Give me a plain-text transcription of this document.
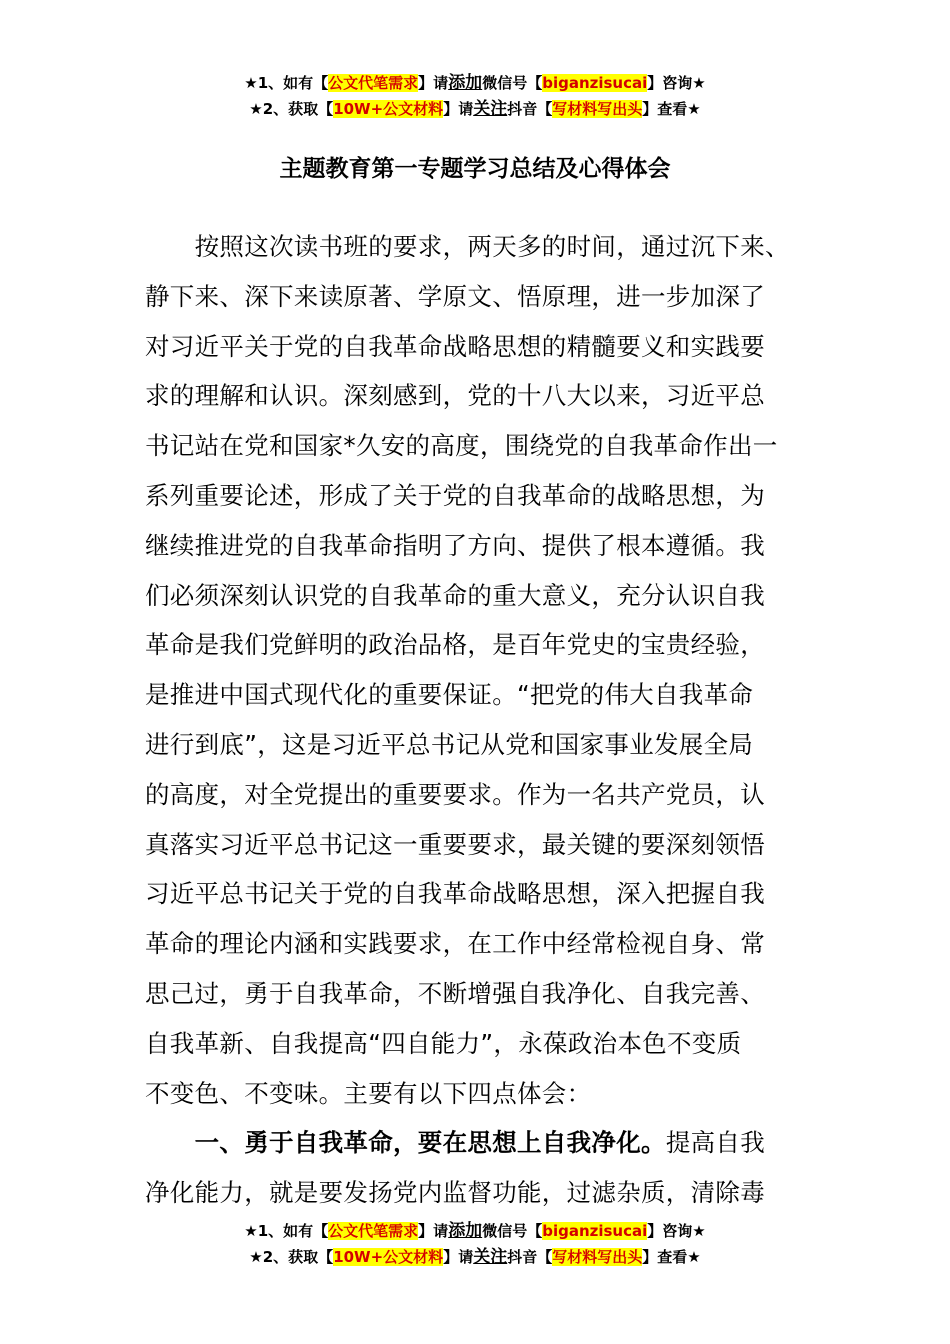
★1、如有【公文代笔需求】请添加微信号【biganzisucai】咨询★
★2、获取【10W+公文材料】请关注抖音【写材料写出头】查看★
主题教育第一专题学习总结及心得体会
　　按照这次读书班的要求，两天多的时间，通过沉下来、
静下来、深下来读原著、学原文、悟原理，进一步加深了
对习近平关于党的自我革命战略思想的精髓要义和实践要
求的理解和认识。深刻感到，党的十八大以来，习近平总
书记站在党和国家*久安的高度，围绕党的自我革命作出一
系列重要论述，形成了关于党的自我革命的战略思想，为
继续推进党的自我革命指明了方向、提供了根本遵循。我
们必须深刻认识党的自我革命的重大意义，充分认识自我
革命是我们党鲜明的政治品格，是百年党史的宝贵经验，
是推进中国式现代化的重要保证。“把党的伟大自我革命
进行到底”，这是习近平总书记从党和国家事业发展全局
的高度，对全党提出的重要要求。作为一名共产党员，认
真落实习近平总书记这一重要要求，最关键的要深刻领悟
习近平总书记关于党的自我革命战略思想，深入把握自我
革命的理论内涵和实践要求，在工作中经常检视自身、常
思己过，勇于自我革命，不断增强自我净化、自我完善、
自我革新、自我提高“四自能力”，永葆政治本色不变质
不变色、不变味。主要有以下四点体会：
　　一、勇于自我革命，要在思想上自我净化。提高自我
净化能力，就是要发扬党内监督功能，过滤杂质，清除毒
★1、如有【公文代笔需求】请添加微信号【biganzisucai】咨询★
★2、获取【10W+公文材料】请关注抖音【写材料写出头】查看★
